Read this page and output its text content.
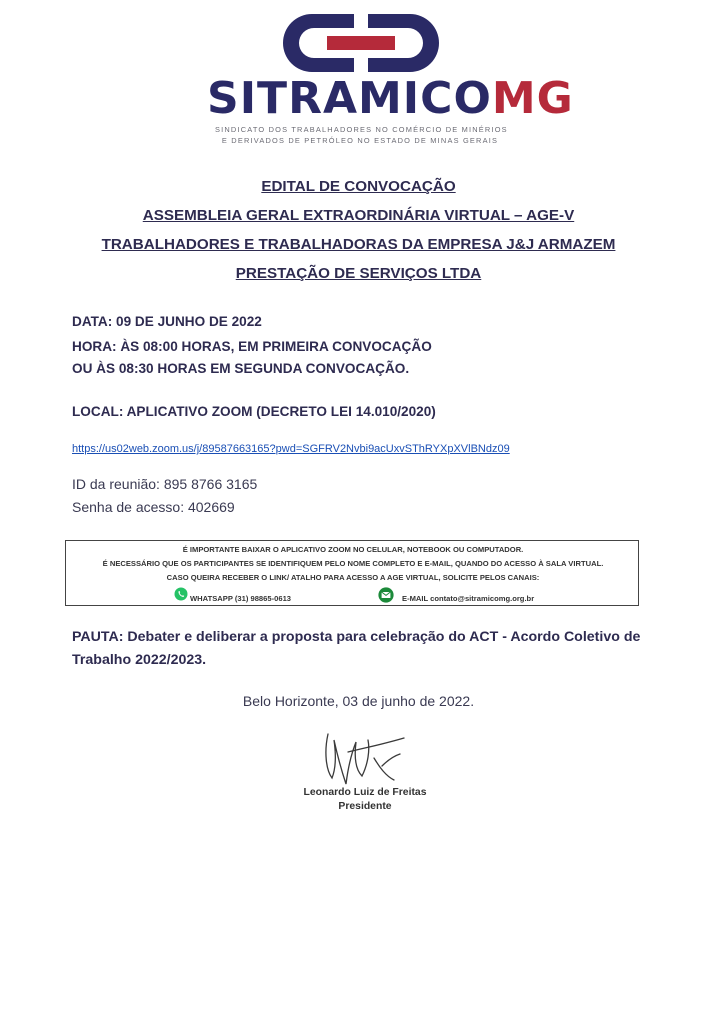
SITRAMICOMG
SINDICATO DOS TRABALHADORES NO COMÉRCIO DE MINÉRIOS
E DERIVADOS DE PETRÓLEO NO ESTADO DE MINAS GERAIS
EDITAL DE CONVOCAÇÃO
ASSEMBLEIA GERAL EXTRAORDINÁRIA VIRTUAL – AGE-V
TRABALHADORES E TRABALHADORAS DA EMPRESA J&J ARMAZEM
PRESTAÇÃO DE SERVIÇOS LTDA
DATA: 09 DE JUNHO DE 2022
HORA: ÀS 08:00 HORAS, EM PRIMEIRA CONVOCAÇÃO
OU ÀS 08:30 HORAS EM SEGUNDA CONVOCAÇÃO.
LOCAL: APLICATIVO ZOOM (DECRETO LEI 14.010/2020)
https://us02web.zoom.us/j/89587663165?pwd=SGFRV2Nvbi9acUxvSThRYXpXVlBNdz09
ID da reunião: 895 8766 3165
Senha de acesso: 402669
É IMPORTANTE BAIXAR O APLICATIVO ZOOM NO CELULAR, NOTEBOOK OU COMPUTADOR.
É NECESSÁRIO QUE OS PARTICIPANTES SE IDENTIFIQUEM PELO NOME COMPLETO E E-MAIL, QUANDO DO ACESSO À SALA VIRTUAL.
CASO QUEIRA RECEBER O LINK/ ATALHO PARA ACESSO A AGE VIRTUAL, SOLICITE PELOS CANAIS:
WHATSAPP (31) 98865-0613	E-MAIL contato@sitramicomg.org.br
PAUTA: Debater e deliberar a proposta para celebração do ACT - Acordo Coletivo de Trabalho 2022/2023.
Belo Horizonte, 03 de junho de 2022.
Leonardo Luiz de Freitas
Presidente
